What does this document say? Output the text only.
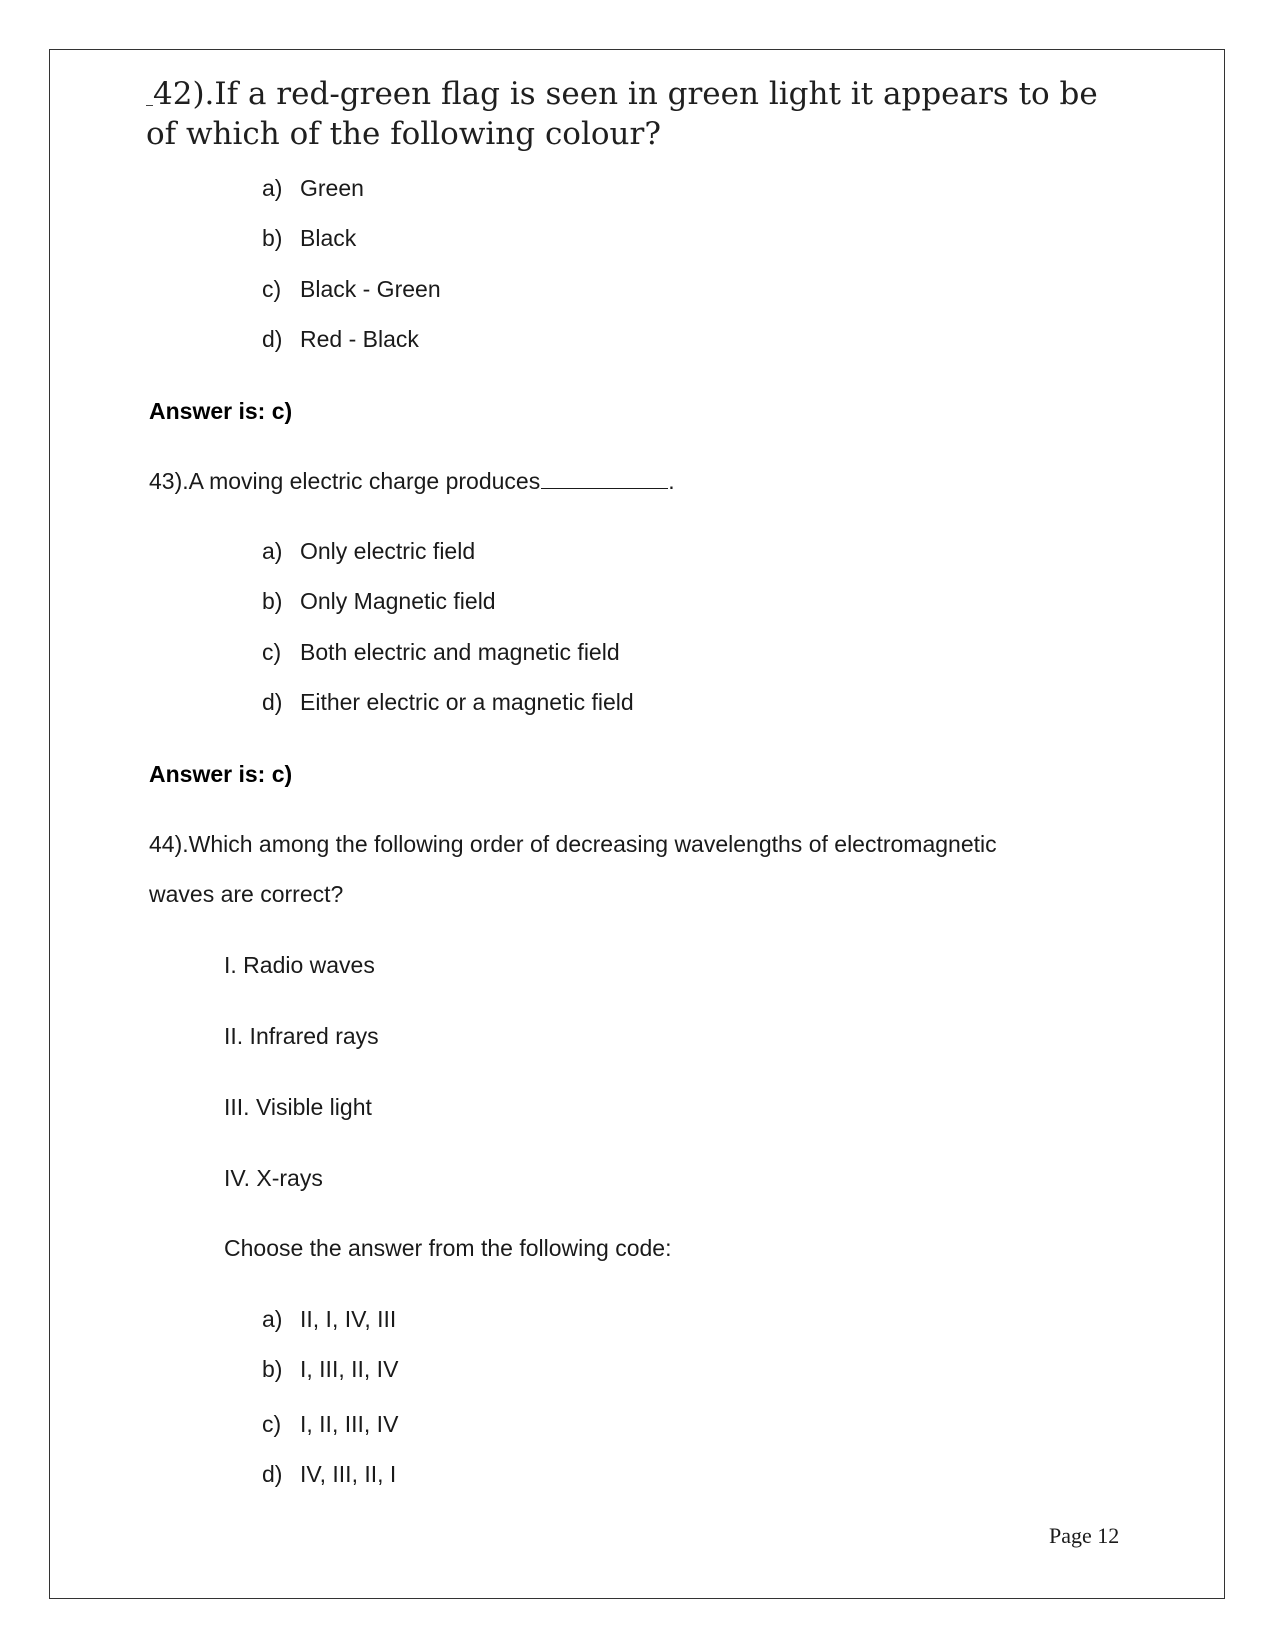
42).If a red-green flag is seen in green light it appears to be of which of the following colour?

a) Green
b) Black
c) Black - Green
d) Red - Black
Answer is: c)
43).A moving electric charge produces	.
a) Only electric field
b) Only Magnetic field
c) Both electric and magnetic field
d) Either electric or a magnetic field
Answer is: c)
44).Which among the following order of decreasing wavelengths of electromagnetic
waves are correct?
I. Radio waves
II. Infrared rays
III. Visible light
IV. X-rays
Choose the answer from the following code:
a) II, I, IV, III
b) I, III, II, IV
c) I, II, III, IV
d) IV, III, II, I
Page 12
